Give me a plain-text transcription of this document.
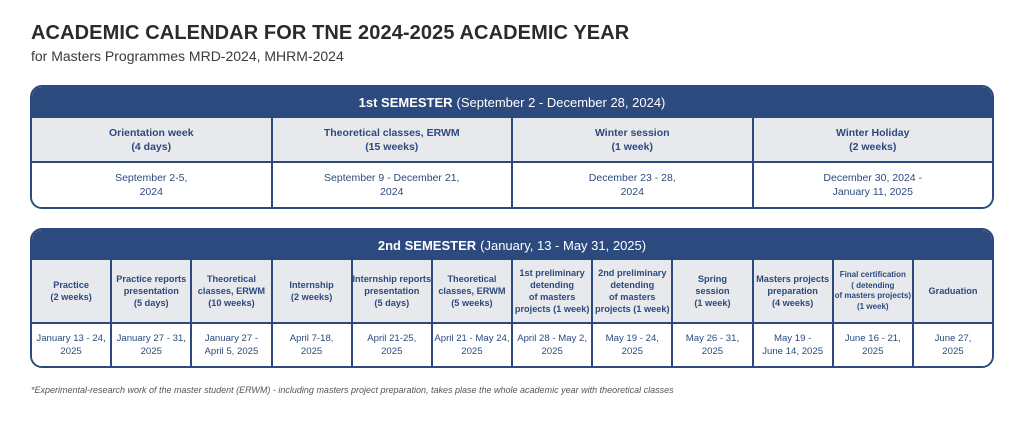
ACADEMIC CALENDAR FOR TNE 2024-2025 ACADEMIC YEAR
for Masters Programmes MRD-2024, MHRM-2024
1st SEMESTER (September 2 - December 28, 2024)
Orientation week
(4 days)
Theoretical classes, ERWM
(15 weeks)
Winter session
(1 week)
Winter Holiday
(2 weeks)
September 2-5,
2024
September 9 - December 21,
2024
December 23 - 28,
2024
December 30, 2024 -
January 11, 2025
2nd SEMESTER (January, 13 - May 31, 2025)
Practice
(2 weeks)
Practice reports
presentation
(5 days)
Theoretical
classes, ERWM
(10 weeks)
Internship
(2 weeks)
Internship reports
presentation
(5 days)
Theoretical
classes, ERWM
(5 weeks)
1st preliminary
detending
of masters
projects (1 week)
2nd preliminary
detending
of masters
projects (1 week)
Spring
session
(1 week)
Masters projects
preparation
(4 weeks)
Final certification
( detending
of masters projects)
(1 week)
Graduation
January 13 - 24,
2025
January 27 - 31,
2025
January 27 -
April 5, 2025
April 7-18,
2025
April 21-25,
2025
April 21 - May 24,
2025
April 28 - May 2,
2025
May 19 - 24,
2025
May 26 - 31,
2025
May 19 -
June 14, 2025
June 16 - 21,
2025
June 27,
2025
*Experimental-research work of the master student (ERWM) - including masters project preparation, takes plase the whole academic year with theoretical classes
